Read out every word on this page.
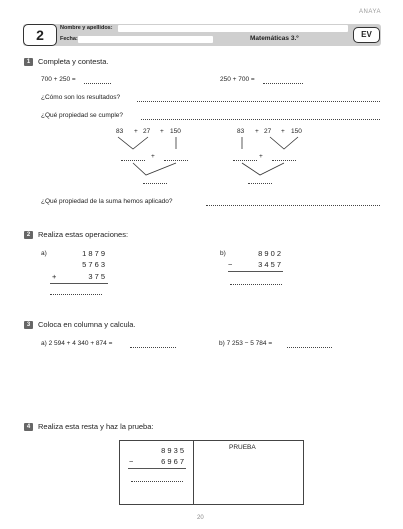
ANAYA
2	Nombre y apellidos:
Fecha:	Matemáticas 3.º	EV
1	Completa y contesta.
700 + 250 =	250 + 700 =
¿Cómo son los resultados?
¿Qué propiedad se cumple?
83 + 27 + 150
+
83 + 27 + 150
+
¿Qué propiedad de la suma hemos aplicado?
2	Realiza estas operaciones:
a)	1 8 7 9
5 7 6 3
+	3 7 5
b)	8 9 0 2
−	3 4 5 7
3	Coloca en columna y calcula.
a) 2 594 + 4 340 + 874 =	b) 7 253 − 5 784 =
4	Realiza esta resta y haz la prueba:
8 9 3 5
−	6 9 6 7
PRUEBA
20
